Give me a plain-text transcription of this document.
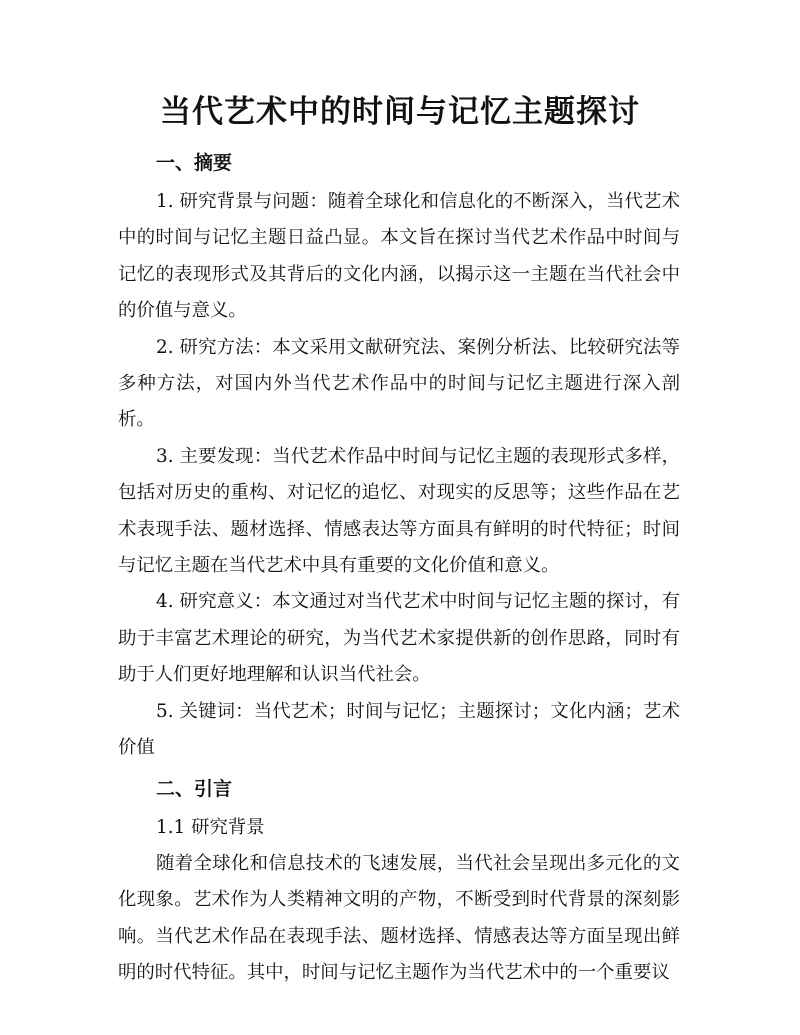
当代艺术中的时间与记忆主题探讨
一、摘要

1. 研究背景与问题：随着全球化和信息化的不断深入，当代艺术中的时间与记忆主题日益凸显。本文旨在探讨当代艺术作品中时间与记忆的表现形式及其背后的文化内涵，以揭示这一主题在当代社会中的价值与意义。

2. 研究方法：本文采用文献研究法、案例分析法、比较研究法等多种方法，对国内外当代艺术作品中的时间与记忆主题进行深入剖析。

3. 主要发现：当代艺术作品中时间与记忆主题的表现形式多样，包括对历史的重构、对记忆的追忆、对现实的反思等；这些作品在艺术表现手法、题材选择、情感表达等方面具有鲜明的时代特征；时间与记忆主题在当代艺术中具有重要的文化价值和意义。

4. 研究意义：本文通过对当代艺术中时间与记忆主题的探讨，有助于丰富艺术理论的研究，为当代艺术家提供新的创作思路，同时有助于人们更好地理解和认识当代社会。

5. 关键词：当代艺术；时间与记忆；主题探讨；文化内涵；艺术价值

二、引言

1.1 研究背景

随着全球化和信息技术的飞速发展，当代社会呈现出多元化的文化现象。艺术作为人类精神文明的产物，不断受到时代背景的深刻影响。当代艺术作品在表现手法、题材选择、情感表达等方面呈现出鲜明的时代特征。其中，时间与记忆主题作为当代艺术中的一个重要议
